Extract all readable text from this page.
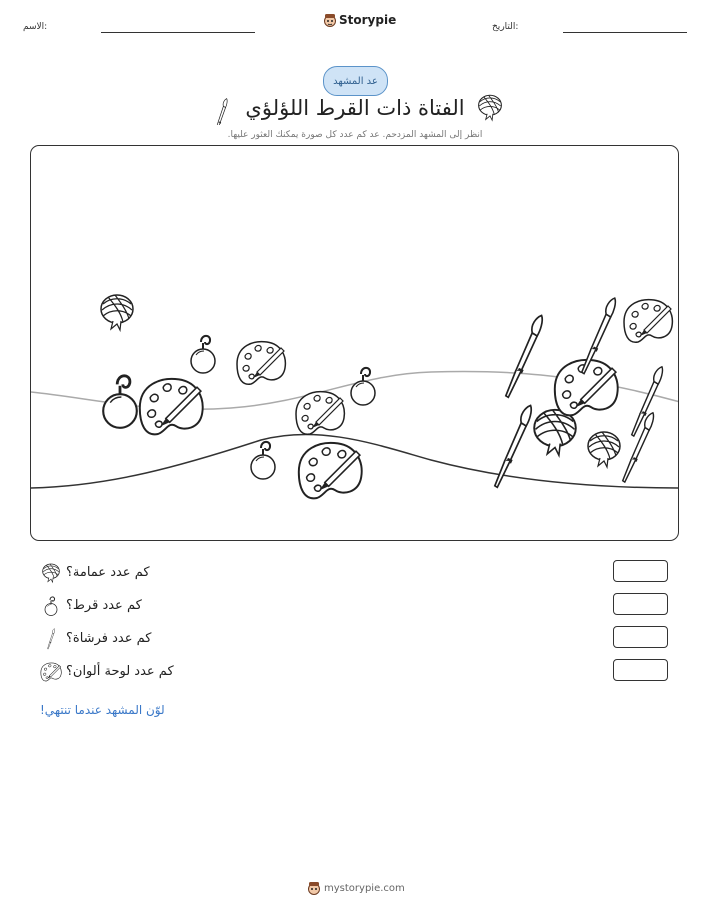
الاسم:	Storypie	التاريخ:
عد المشهد
الفتاة ذات القرط اللؤلؤي
انظر إلى المشهد المزدحم. عد كم عدد كل صورة يمكنك العثور عليها.
كم عدد عمامة؟
كم عدد قرط؟
كم عدد فرشاة؟
كم عدد لوحة ألوان؟
لوّن المشهد عندما تنتهي!
mystorypie.com
